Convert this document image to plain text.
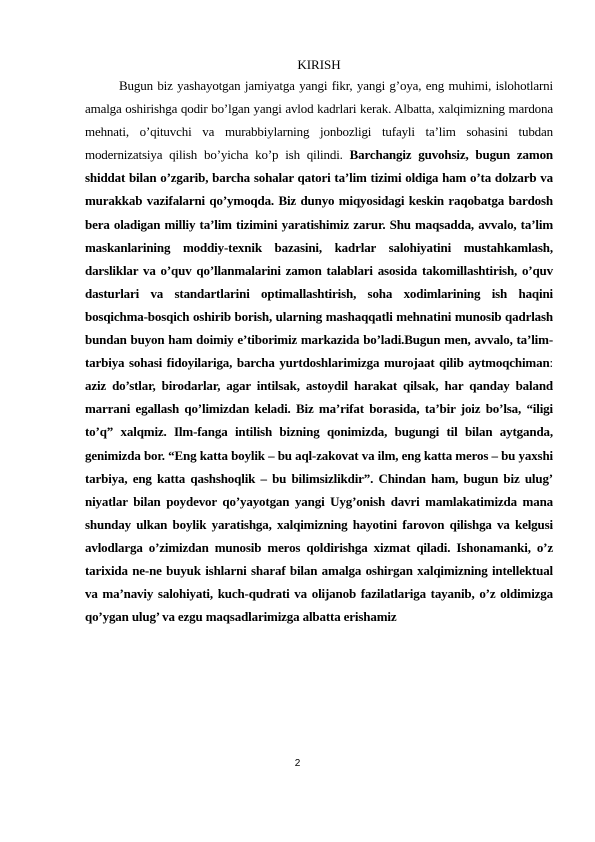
KIRISH

Bugun biz yashayotgan jamiyatga yangi fikr, yangi g’oya, eng muhimi, islohotlarni amalga oshirishga qodir bo’lgan yangi avlod kadrlari kerak. Albatta, xalqimizning mardona mehnati, o’qituvchi va murabbiylarning jonbozligi tufayli ta’lim sohasini tubdan modernizatsiya qilish bo’yicha ko’p ish qilindi. Barchangiz guvohsiz, bugun zamon shiddat bilan o’zgarib, barcha sohalar qatori ta’lim tizimi oldiga ham o’ta dolzarb va murakkab vazifalarni qo’ymoqda. Biz dunyo miqyosidagi keskin raqobatga bardosh bera oladigan milliy ta’lim tizimini yaratishimiz zarur. Shu maqsadda, avvalo, ta’lim maskanlarining moddiy-texnik bazasini, kadrlar salohiyatini mustahkamlash, darsliklar va o’quv qo’llanmalarini zamon talablari asosida takomillashtirish, o’quv dasturlari va standartlarini optimallashtirish, soha xodimlarining ish haqini bosqichma-bosqich oshirib borish, ularning mashaqqatli mehnatini munosib qadrlash bundan buyon ham doimiy e’tiborimiz markazida bo’ladi.Bugun men, avvalo, ta’lim-tarbiya sohasi fidoyilariga, barcha yurtdoshlarimizga murojaat qilib aytmoqchiman: aziz do’stlar, birodarlar, agar intilsak, astoydil harakat qilsak, har qanday baland marrani egallash qo’limizdan keladi. Biz ma’rifat borasida, ta’bir joiz bo’lsa, “iligi to’q” xalqmiz. Ilm-fanga intilish bizning qonimizda, bugungi til bilan aytganda, genimizda bor. “Eng katta boylik – bu aql-zakovat va ilm, eng katta meros – bu yaxshi tarbiya, eng katta qashshoqlik – bu bilimsizlikdir”. Chindan ham, bugun biz ulug’ niyatlar bilan poydevor qo’yayotgan yangi Uyg’onish davri mamlakatimizda mana shunday ulkan boylik yaratishga, xalqimizning hayotini farovon qilishga va kelgusi avlodlarga o’zimizdan munosib meros qoldirishga xizmat qiladi. Ishonamanki, o’z tarixida ne-ne buyuk ishlarni sharaf bilan amalga oshirgan xalqimizning intellektual va ma’naviy salohiyati, kuch-qudrati va olijanob fazilatlariga tayanib, o’z oldimizga qo’ygan ulug’ va ezgu maqsadlarimizga albatta erishamiz

2
